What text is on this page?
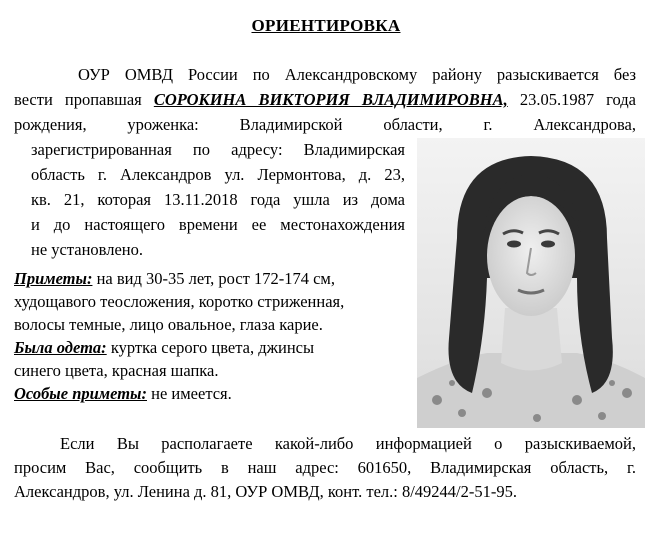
ОРИЕНТИРОВКА
ОУР ОМВД России по Александровскому району разыскивается без
вести пропавшая СОРОКИНА ВИКТОРИЯ ВЛАДИМИРОВНА, 23.05.1987 года
рождения, уроженка: Владимирской области, г. Александрова,
зарегистрированная по адресу: Владимирская
область г. Александров ул. Лермонтова, д. 23,
кв. 21, которая 13.11.2018 года ушла из дома
и до настоящего времени ее местонахождения
не установлено.
Приметы: на вид 30-35 лет, рост 172-174 см,
худощавого теосложения, коротко стриженная,
волосы темные, лицо овальное, глаза карие.
Была одета: куртка серого цвета, джинсы
синего цвета, красная шапка.
Особые приметы: не имеется.
Если Вы располагаете какой-либо информацией о разыскиваемой,
просим Вас, сообщить в наш адрес: 601650, Владимирская область, г.
Александров, ул. Ленина д. 81, ОУР ОМВД, конт. тел.: 8/49244/2-51-95.
